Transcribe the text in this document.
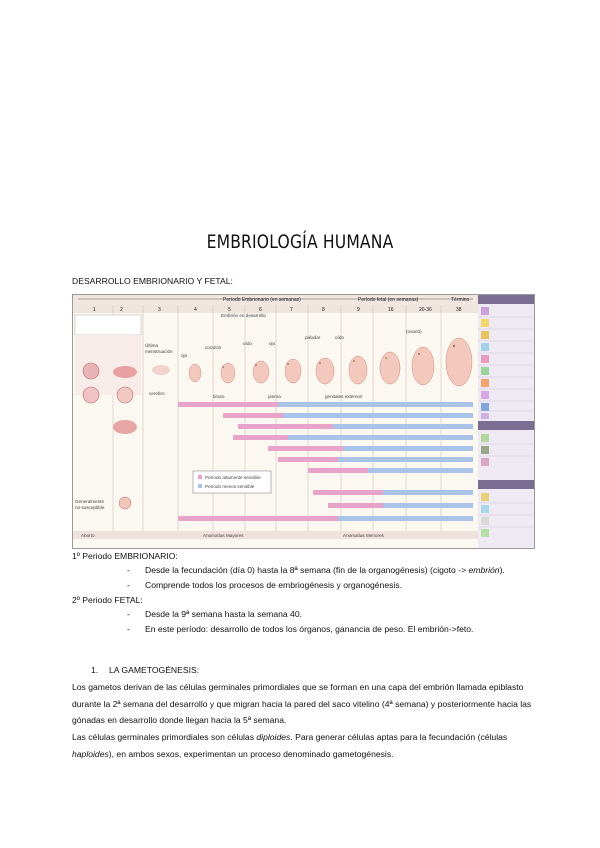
EMBRIOLOGÍA HUMANA
DESARROLLO EMBRIONARIO Y FETAL:
Período Embrionario (en semanas)	Período fetal (en semanas)	Término
1	2	3	4	5	6	7	8	9	16	20-36	38
Última
menstruación
ojo
corazón
oído	ojo
paladar	oído
(ovario)
Embrión en desarrollo
brazo	pierna	genitales externos
cerebro
Período altamente sensible
Período menos sensible
Aborto	Anomalías Mayores	Anomalías Menores
Generalmente
no susceptible
1º Periodo EMBRIONARIO:
- Desde la fecundación (día 0) hasta la 8ª semana (fin de la organogénesis) (cigoto -> embrión).
- Comprende todos los procesos de embriogénesis y organogénesis.
2º Periodo FETAL:
- Desde la 9ª semana hasta la semana 40.
- En este período: desarrollo de todos los órganos, ganancia de peso. El embrión->feto.
1. LA GAMETOGÉNESIS:
Los gametos derivan de las células germinales primordiales que se forman en una capa del embrión llamada epiblasto durante la 2ª semana del desarrollo y que migran hacia la pared del saco vitelino (4ª semana) y posteriormente hacia las gónadas en desarrollo donde llegan hacia la 5ª semana.
Las células germinales primordiales son células diploides. Para generar células aptas para la fecundación (células haploides), en ambos sexos, experimentan un proceso denominado gametogénesis.
